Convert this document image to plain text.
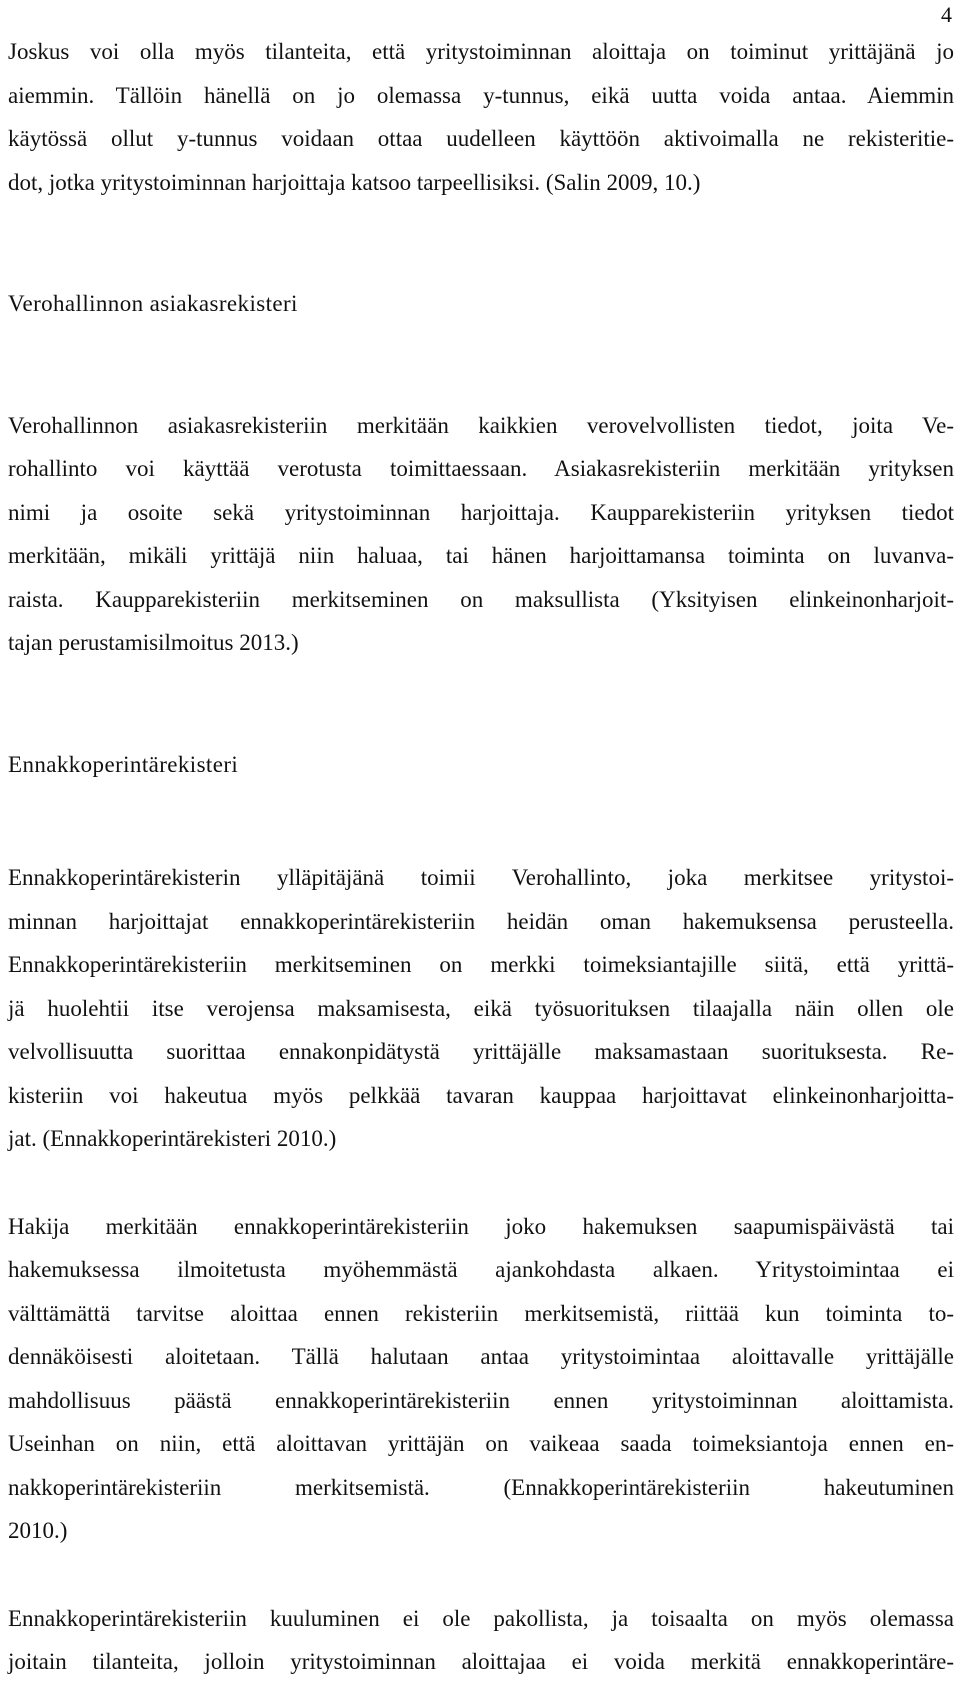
4
Joskus voi olla myös tilanteita, että yritystoiminnan aloittaja on toiminut yrittäjänä jo
aiemmin. Tällöin hänellä on jo olemassa y-tunnus, eikä uutta voida antaa. Aiemmin
käytössä ollut y-tunnus voidaan ottaa uudelleen käyttöön aktivoimalla ne rekisteritie-
dot, jotka yritystoiminnan harjoittaja katsoo tarpeellisiksi. (Salin 2009, 10.)
Verohallinnon asiakasrekisteri
Verohallinnon asiakasrekisteriin merkitään kaikkien verovelvollisten tiedot, joita Ve-
rohallinto voi käyttää verotusta toimittaessaan. Asiakasrekisteriin merkitään yrityksen
nimi ja osoite sekä yritystoiminnan harjoittaja. Kaupparekisteriin yrityksen tiedot
merkitään, mikäli yrittäjä niin haluaa, tai hänen harjoittamansa toiminta on luvanva-
raista. Kaupparekisteriin merkitseminen on maksullista (Yksityisen elinkeinonharjoit-
tajan perustamisilmoitus 2013.)
Ennakkoperintärekisteri
Ennakkoperintärekisterin ylläpitäjänä toimii Verohallinto, joka merkitsee yritystoi-
minnan harjoittajat ennakkoperintärekisteriin heidän oman hakemuksensa perusteella.
Ennakkoperintärekisteriin merkitseminen on merkki toimeksiantajille siitä, että yrittä-
jä huolehtii itse verojensa maksamisesta, eikä työsuorituksen tilaajalla näin ollen ole
velvollisuutta suorittaa ennakonpidätystä yrittäjälle maksamastaan suorituksesta. Re-
kisteriin voi hakeutua myös pelkkää tavaran kauppaa harjoittavat elinkeinonharjoitta-
jat. (Ennakkoperintärekisteri 2010.)
Hakija merkitään ennakkoperintärekisteriin joko hakemuksen saapumispäivästä tai
hakemuksessa ilmoitetusta myöhemmästä ajankohdasta alkaen. Yritystoimintaa ei
välttämättä tarvitse aloittaa ennen rekisteriin merkitsemistä, riittää kun toiminta to-
dennäköisesti aloitetaan. Tällä halutaan antaa yritystoimintaa aloittavalle yrittäjälle
mahdollisuus päästä ennakkoperintärekisteriin ennen yritystoiminnan aloittamista.
Useinhan on niin, että aloittavan yrittäjän on vaikeaa saada toimeksiantoja ennen en-
nakkoperintärekisteriin merkitsemistä. (Ennakkoperintärekisteriin hakeutuminen
2010.)
Ennakkoperintärekisteriin kuuluminen ei ole pakollista, ja toisaalta on myös olemassa
joitain tilanteita, jolloin yritystoiminnan aloittajaa ei voida merkitä ennakkoperintäre-
